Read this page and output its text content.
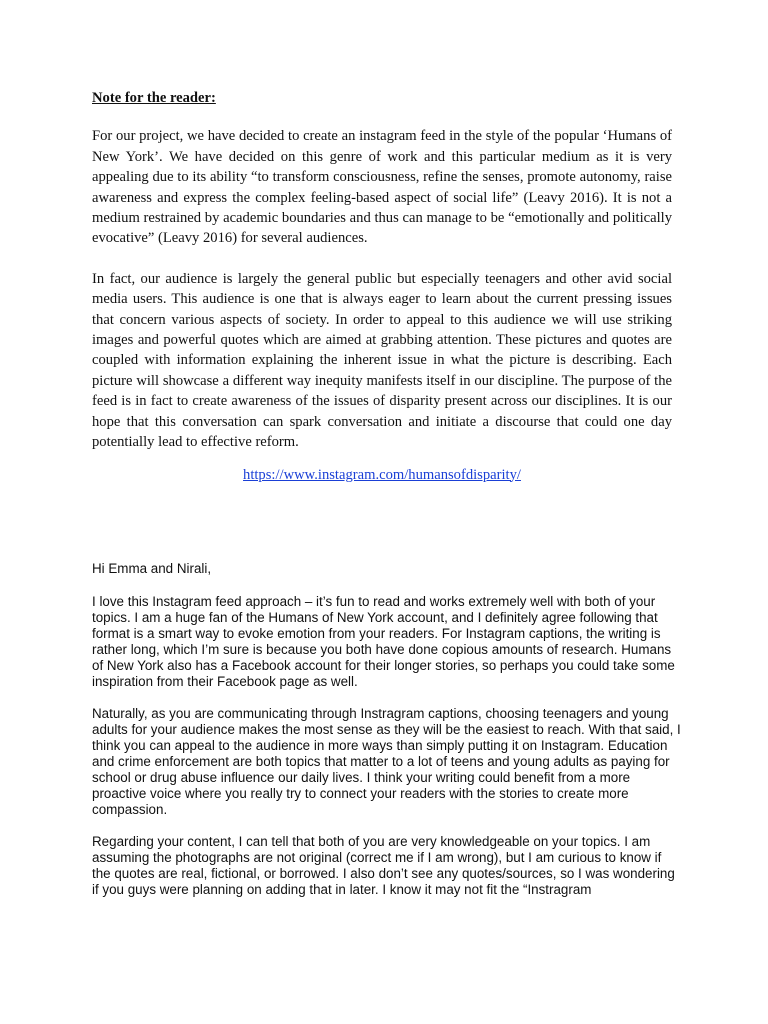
Note for the reader:

For our project, we have decided to create an instagram feed in the style of the popular ‘Humans of New York’. We have decided on this genre of work and this particular medium as it is very appealing due to its ability “to transform consciousness, refine the senses, promote autonomy, raise awareness and express the complex feeling-based aspect of social life” (Leavy 2016). It is not a medium restrained by academic boundaries and thus can manage to be “emotionally and politically evocative” (Leavy 2016) for several audiences.

In fact, our audience is largely the general public but especially teenagers and other avid social media users. This audience is one that is always eager to learn about the current pressing issues that concern various aspects of society. In order to appeal to this audience we will use striking images and powerful quotes which are aimed at grabbing attention. These pictures and quotes are coupled with information explaining the inherent issue in what the picture is describing. Each picture will showcase a different way inequity manifests itself in our discipline. The purpose of the feed is in fact to create awareness of the issues of disparity present across our disciplines. It is our hope that this conversation can spark conversation and initiate a discourse that could one day potentially lead to effective reform.

https://www.instagram.com/humansofdisparity/

Hi Emma and Nirali,

I love this Instagram feed approach – it’s fun to read and works extremely well with both of your topics. I am a huge fan of the Humans of New York account, and I definitely agree following that format is a smart way to evoke emotion from your readers. For Instagram captions, the writing is rather long, which I’m sure is because you both have done copious amounts of research. Humans of New York also has a Facebook account for their longer stories, so perhaps you could take some inspiration from their Facebook page as well.

Naturally, as you are communicating through Instragram captions, choosing teenagers and young adults for your audience makes the most sense as they will be the easiest to reach. With that said, I think you can appeal to the audience in more ways than simply putting it on Instagram. Education and crime enforcement are both topics that matter to a lot of teens and young adults as paying for school or drug abuse influence our daily lives. I think your writing could benefit from a more proactive voice where you really try to connect your readers with the stories to create more compassion.

Regarding your content, I can tell that both of you are very knowledgeable on your topics. I am assuming the photographs are not original (correct me if I am wrong), but I am curious to know if the quotes are real, fictional, or borrowed. I also don’t see any quotes/sources, so I was wondering if you guys were planning on adding that in later. I know it may not fit the “Instragram
